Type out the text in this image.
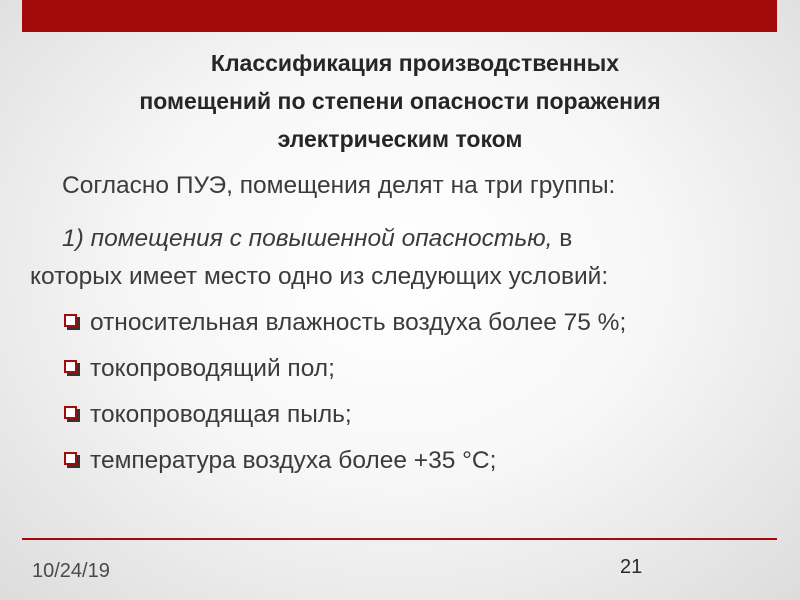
Классификация производственных
помещений по степени опасности поражения
электрическим током
Согласно ПУЭ, помещения делят на три группы:
1) помещения с повышенной опасностью, в
которых имеет место одно из следующих условий:
относительная влажность воздуха более 75 %;
токопроводящий пол;
токопроводящая пыль;
температура воздуха более +35 °С;
10/24/19	21
